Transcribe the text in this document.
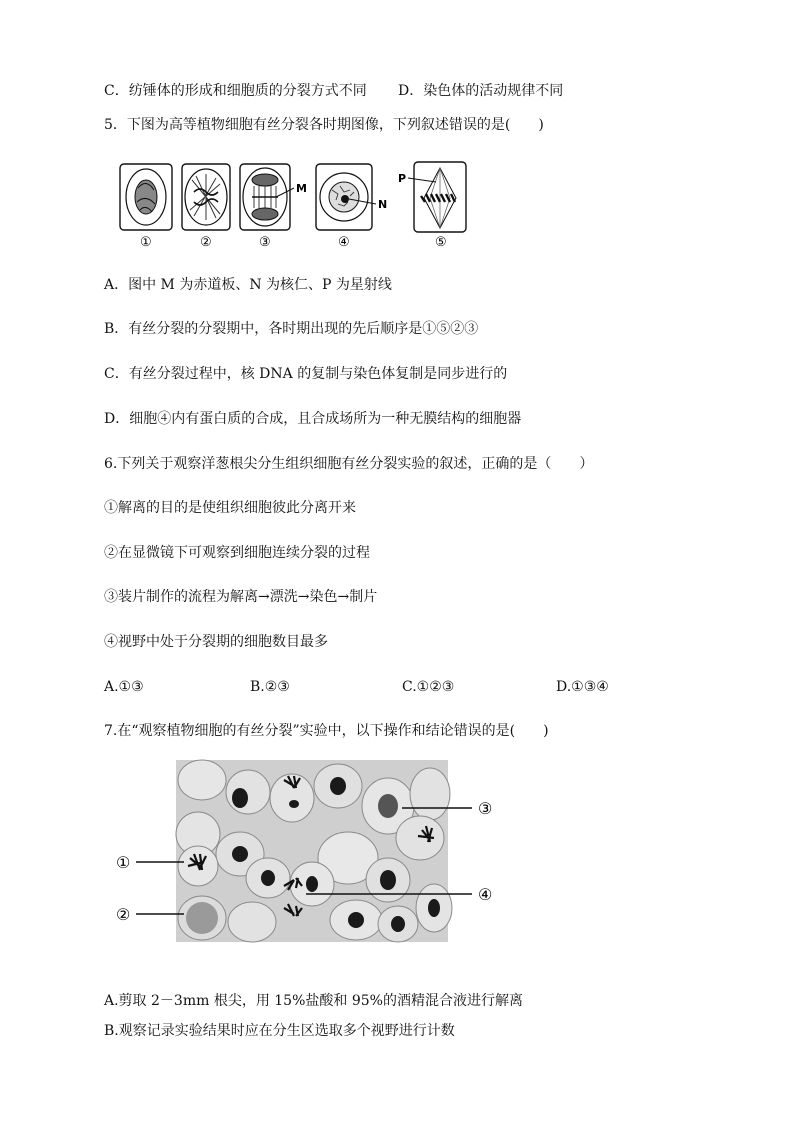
C．纺锤体的形成和细胞质的分裂方式不同 D．染色体的活动规律不同
5．下图为高等植物细胞有丝分裂各时期图像，下列叙述错误的是(　　)
M
N
P
①	②	③	④	⑤
A．图中 M 为赤道板、N 为核仁、P 为星射线
B．有丝分裂的分裂期中，各时期出现的先后顺序是①⑤②③
C．有丝分裂过程中，核 DNA 的复制与染色体复制是同步进行的
D．细胞④内有蛋白质的合成，且合成场所为一种无膜结构的细胞器
6.下列关于观察洋葱根尖分生组织细胞有丝分裂实验的叙述，正确的是（　　）
①解离的目的是使组织细胞彼此分离开来
②在显微镜下可观察到细胞连续分裂的过程
③装片制作的流程为解离→漂洗→染色→制片
④视野中处于分裂期的细胞数目最多
A.①③	B.②③	C.①②③	D.①③④
7.在“观察植物细胞的有丝分裂”实验中，以下操作和结论错误的是(　　)
①
②
③
④
A.剪取 2－3mm 根尖，用 15%盐酸和 95%的酒精混合液进行解离
B.观察记录实验结果时应在分生区选取多个视野进行计数
